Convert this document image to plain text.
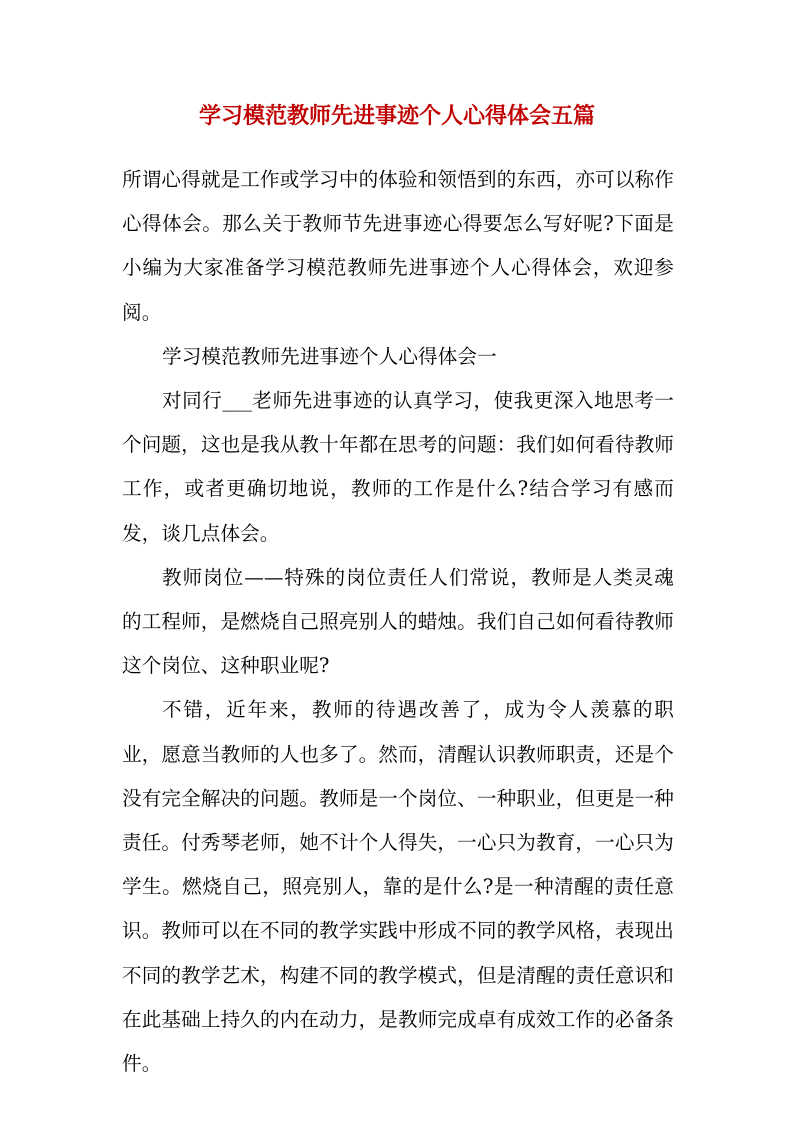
学习模范教师先进事迹个人心得体会五篇

所谓心得就是工作或学习中的体验和领悟到的东西，亦可以称作心得体会。那么关于教师节先进事迹心得要怎么写好呢?下面是小编为大家准备学习模范教师先进事迹个人心得体会，欢迎参阅。

学习模范教师先进事迹个人心得体会一

对同行___老师先进事迹的认真学习，使我更深入地思考一个问题，这也是我从教十年都在思考的问题：我们如何看待教师工作，或者更确切地说，教师的工作是什么?结合学习有感而发，谈几点体会。

教师岗位——特殊的岗位责任人们常说，教师是人类灵魂的工程师，是燃烧自己照亮别人的蜡烛。我们自己如何看待教师这个岗位、这种职业呢?

不错，近年来，教师的待遇改善了，成为令人羡慕的职业，愿意当教师的人也多了。然而，清醒认识教师职责，还是个没有完全解决的问题。教师是一个岗位、一种职业，但更是一种责任。付秀琴老师，她不计个人得失，一心只为教育，一心只为学生。燃烧自己，照亮别人，靠的是什么?是一种清醒的责任意识。教师可以在不同的教学实践中形成不同的教学风格，表现出不同的教学艺术，构建不同的教学模式，但是清醒的责任意识和在此基础上持久的内在动力，是教师完成卓有成效工作的必备条件。
